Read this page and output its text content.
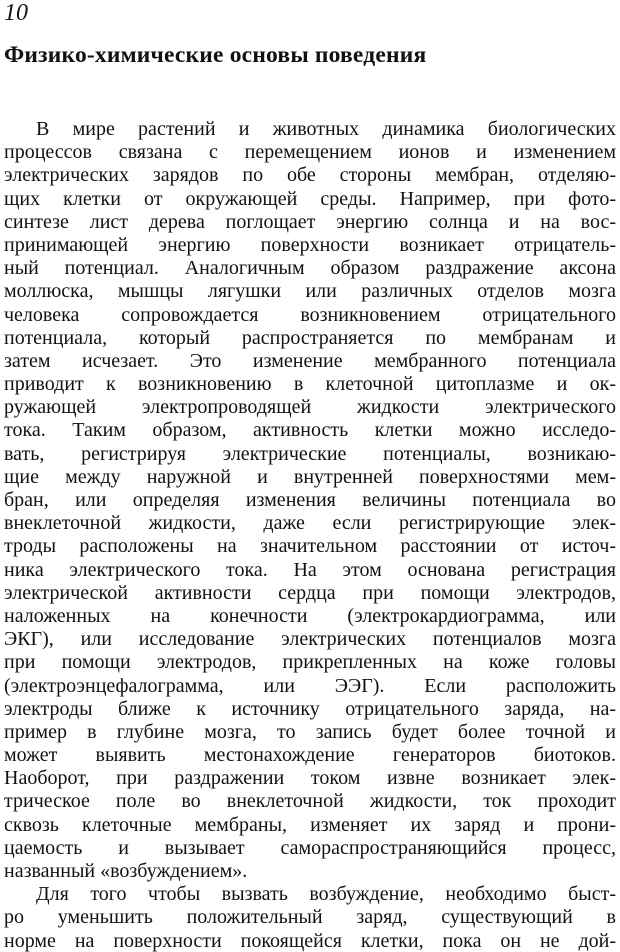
10
Физико-химические основы поведения
В мире растений и животных динамика биологических
процессов связана с перемещением ионов и изменением
электрических зарядов по обе стороны мембран, отделяю-
щих клетки от окружающей среды. Например, при фото-
синтезе лист дерева поглощает энергию солнца и на вос-
принимающей энергию поверхности возникает отрицатель-
ный потенциал. Аналогичным образом раздражение аксона
моллюска, мышцы лягушки или различных отделов мозга
человека сопровождается возникновением отрицательного
потенциала, который распространяется по мембранам и
затем исчезает. Это изменение мембранного потенциала
приводит к возникновению в клеточной цитоплазме и ок-
ружающей электропроводящей жидкости электрического
тока. Таким образом, активность клетки можно исследо-
вать, регистрируя электрические потенциалы, возникаю-
щие между наружной и внутренней поверхностями мем-
бран, или определяя изменения величины потенциала во
внеклеточной жидкости, даже если регистрирующие элек-
троды расположены на значительном расстоянии от источ-
ника электрического тока. На этом основана регистрация
электрической активности сердца при помощи электродов,
наложенных на конечности (электрокардиограмма, или
ЭКГ), или исследование электрических потенциалов мозга
при помощи электродов, прикрепленных на коже головы
(электроэнцефалограмма, или ЭЭГ). Если расположить
электроды ближе к источнику отрицательного заряда, на-
пример в глубине мозга, то запись будет более точной и
может выявить местонахождение генераторов биотоков.
Наоборот, при раздражении током извне возникает элек-
трическое поле во внеклеточной жидкости, ток проходит
сквозь клеточные мембраны, изменяет их заряд и прони-
цаемость и вызывает самораспространяющийся процесс,
названный «возбуждением».
Для того чтобы вызвать возбуждение, необходимо быст-
ро уменьшить положительный заряд, существующий в
норме на поверхности покоящейся клетки, пока он не дой-
